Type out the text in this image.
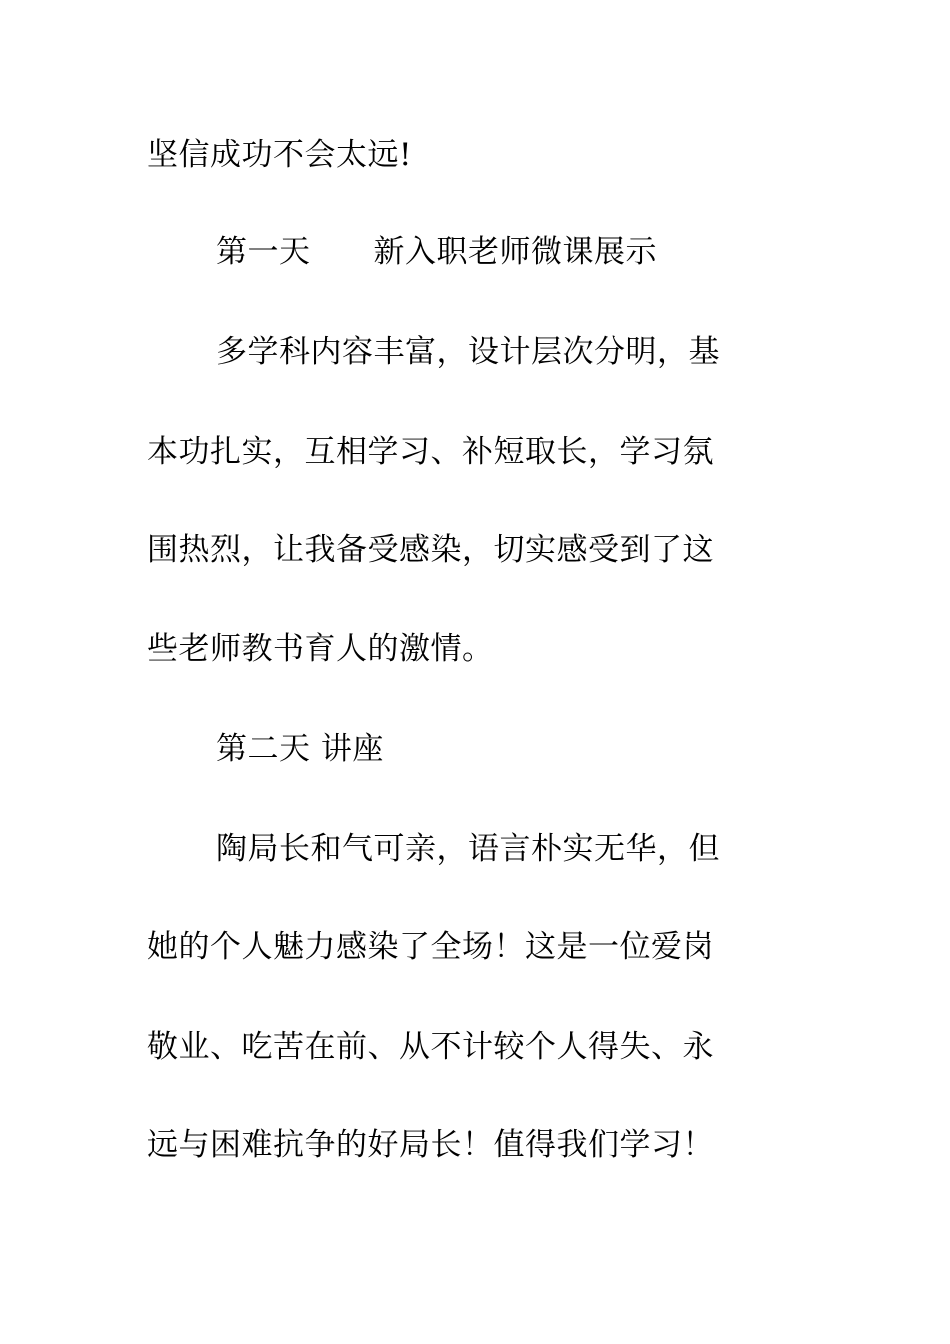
坚信成功不会太远!
第一天　　新入职老师微课展示
多学科内容丰富，设计层次分明，基
本功扎实，互相学习、补短取长，学习氛
围热烈，让我备受感染，切实感受到了这
些老师教书育人的激情。
第二天 讲座
陶局长和气可亲，语言朴实无华，但
她的个人魅力感染了全场！这是一位爱岗
敬业、吃苦在前、从不计较个人得失、永
远与困难抗争的好局长！值得我们学习！
